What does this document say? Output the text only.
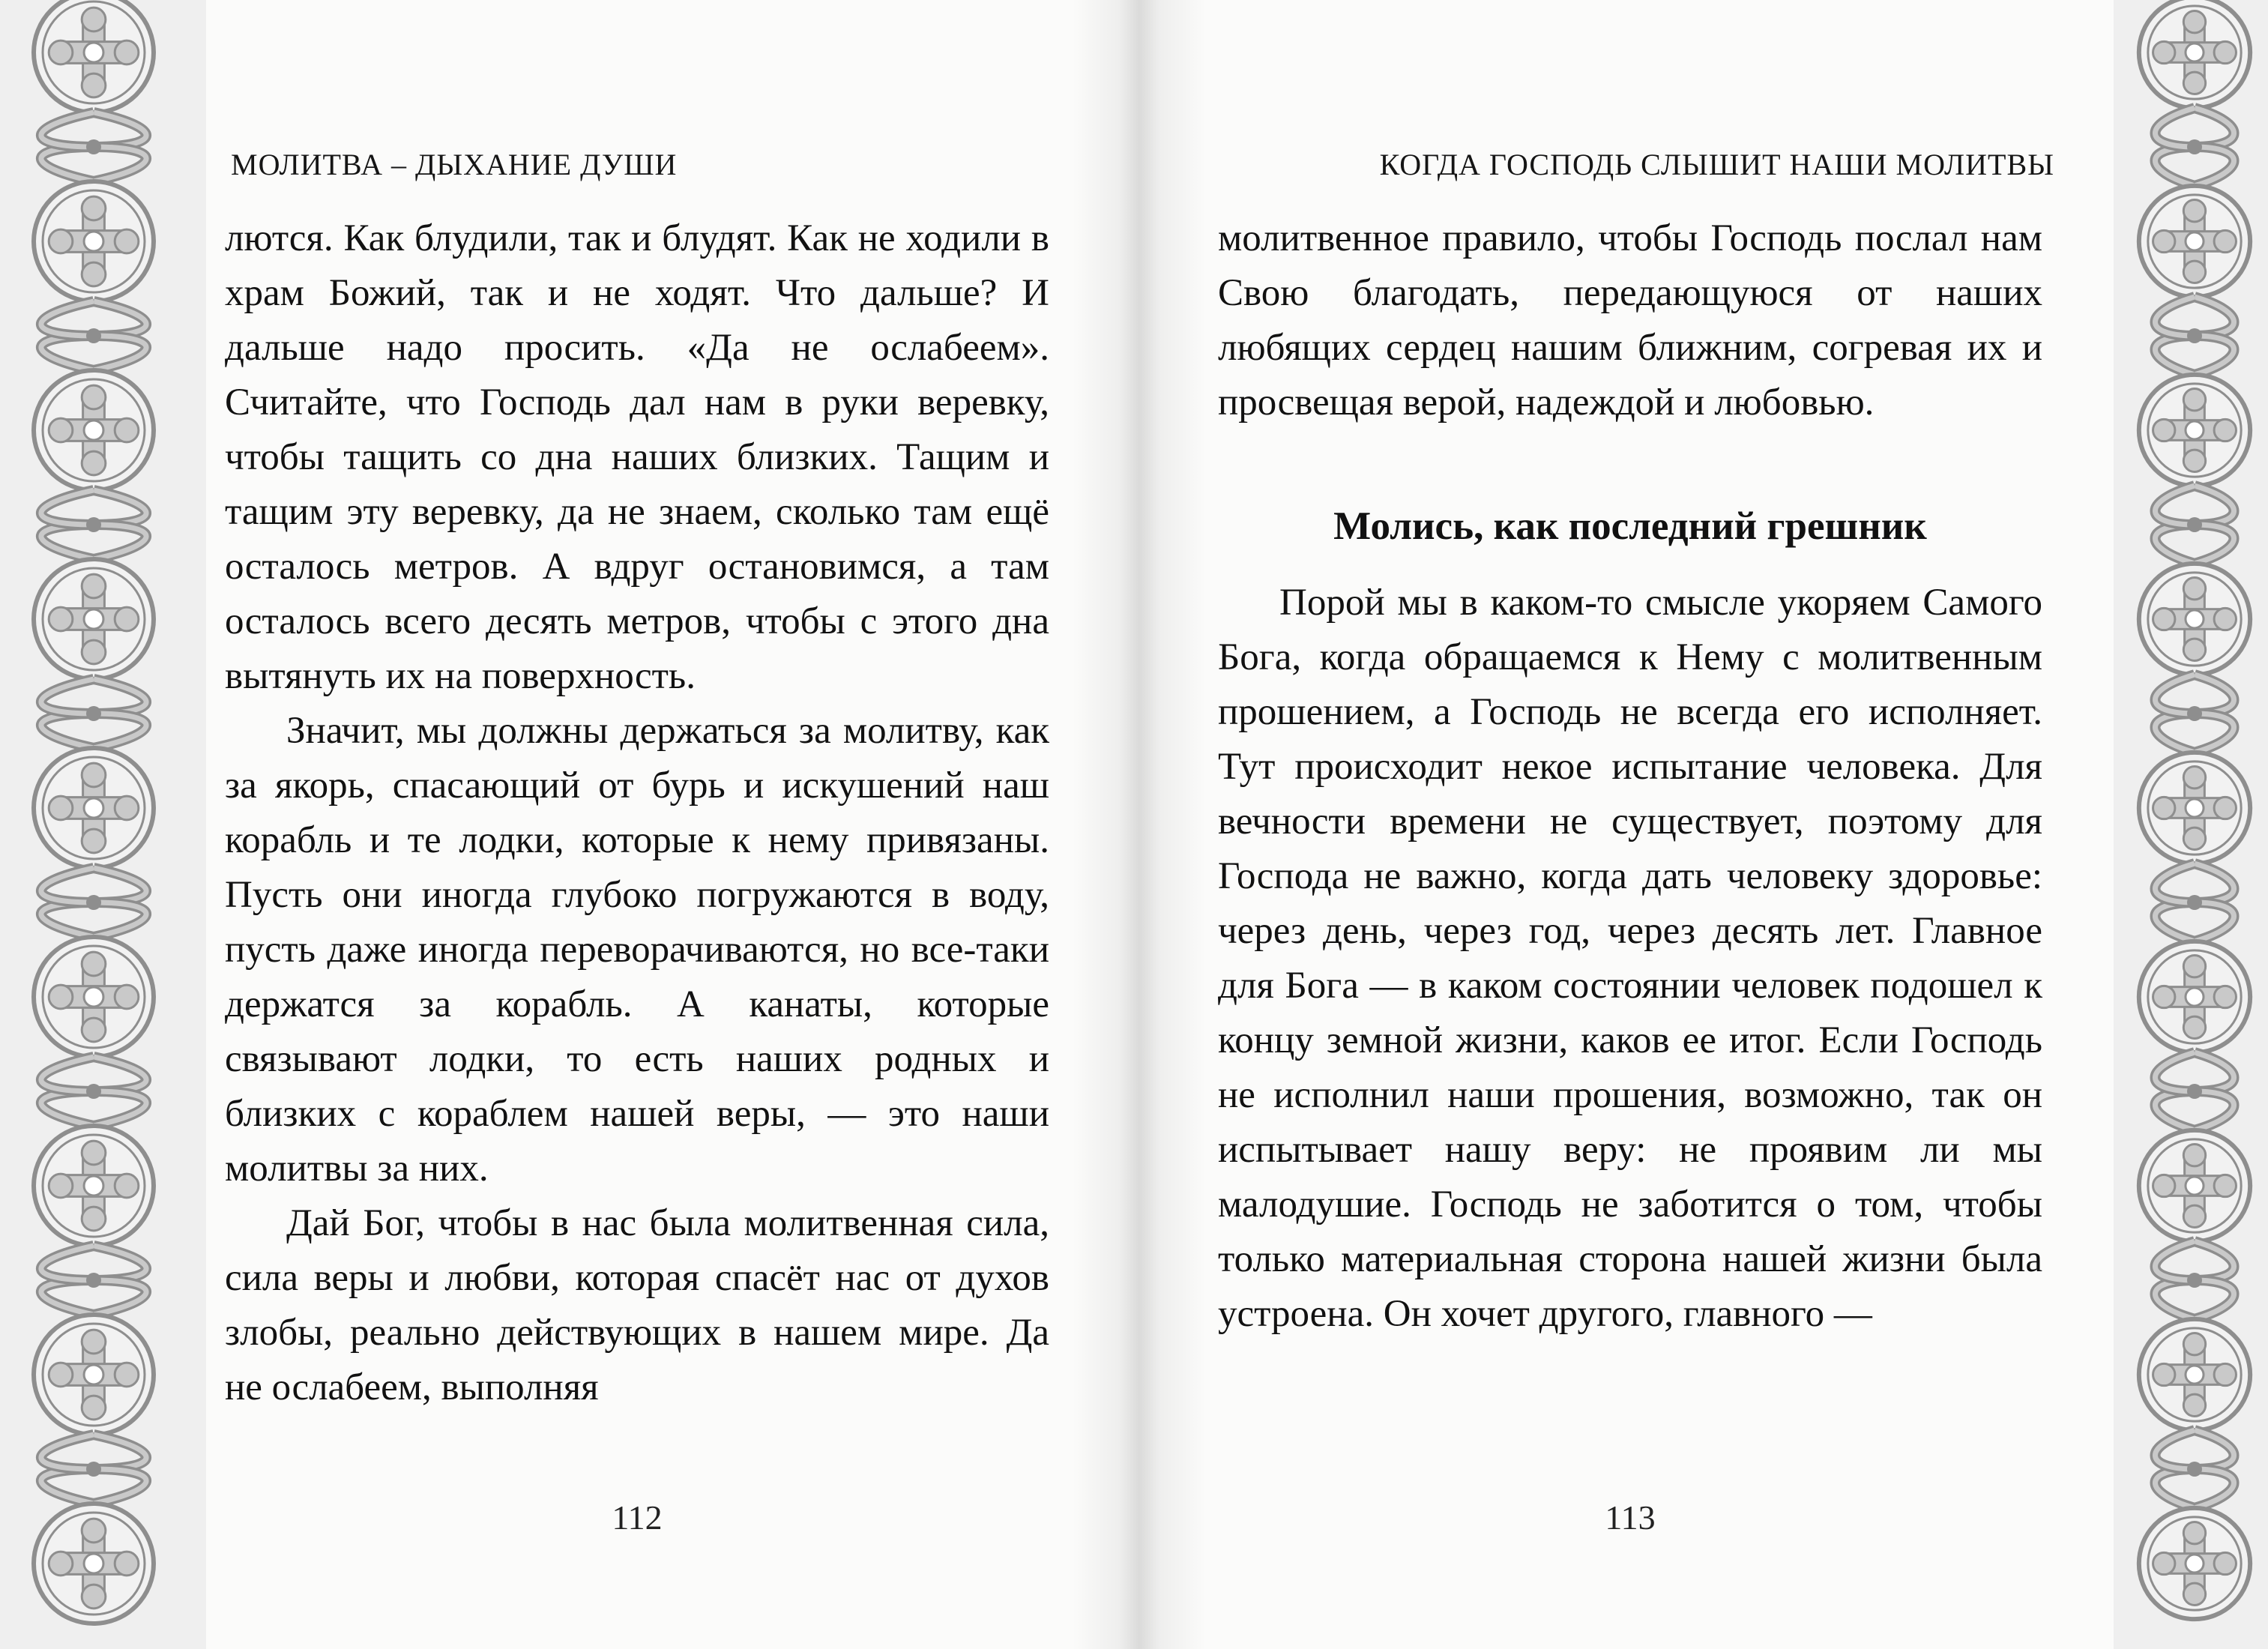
МОЛИТВА – ДЫХАНИЕ ДУШИ

лются. Как блудили, так и блудят. Как не ходили в храм Божий, так и не ходят. Что дальше? И дальше надо просить. «Да не ослабеем». Считайте, что Господь дал нам в руки веревку, чтобы тащить со дна наших близких. Тащим и тащим эту веревку, да не знаем, сколько там ещё осталось метров. А вдруг остановимся, а там осталось всего десять метров, чтобы с этого дна вытянуть их на поверхность.

Значит, мы должны держаться за молитву, как за якорь, спасающий от бурь и искушений наш корабль и те лодки, которые к нему привязаны. Пусть они иногда глубоко погружаются в воду, пусть даже иногда переворачиваются, но все-таки держатся за корабль. А канаты, которые связывают лодки, то есть наших родных и близких с кораблем нашей веры, — это наши молитвы за них.

Дай Бог, чтобы в нас была молитвенная сила, сила веры и любви, которая спасёт нас от духов злобы, реально действующих в нашем мире. Да не ослабеем, выполняя

112
КОГДА ГОСПОДЬ СЛЫШИТ НАШИ МОЛИТВЫ

молитвенное правило, чтобы Господь послал нам Свою благодать, передающуюся от наших любящих сердец нашим ближним, согревая их и просвещая верой, надеждой и любовью.

Молись, как последний грешник

Порой мы в каком-то смысле укоряем Самого Бога, когда обращаемся к Нему с молитвенным прошением, а Господь не всегда его исполняет. Тут происходит некое испытание человека. Для вечности времени не существует, поэтому для Господа не важно, когда дать человеку здоровье: через день, через год, через десять лет. Главное для Бога — в каком состоянии человек подошел к концу земной жизни, каков ее итог. Если Господь не исполнил наши прошения, возможно, так он испытывает нашу веру: не проявим ли мы малодушие. Господь не заботится о том, чтобы только материальная сторона нашей жизни была устроена. Он хочет другого, главного —

113
